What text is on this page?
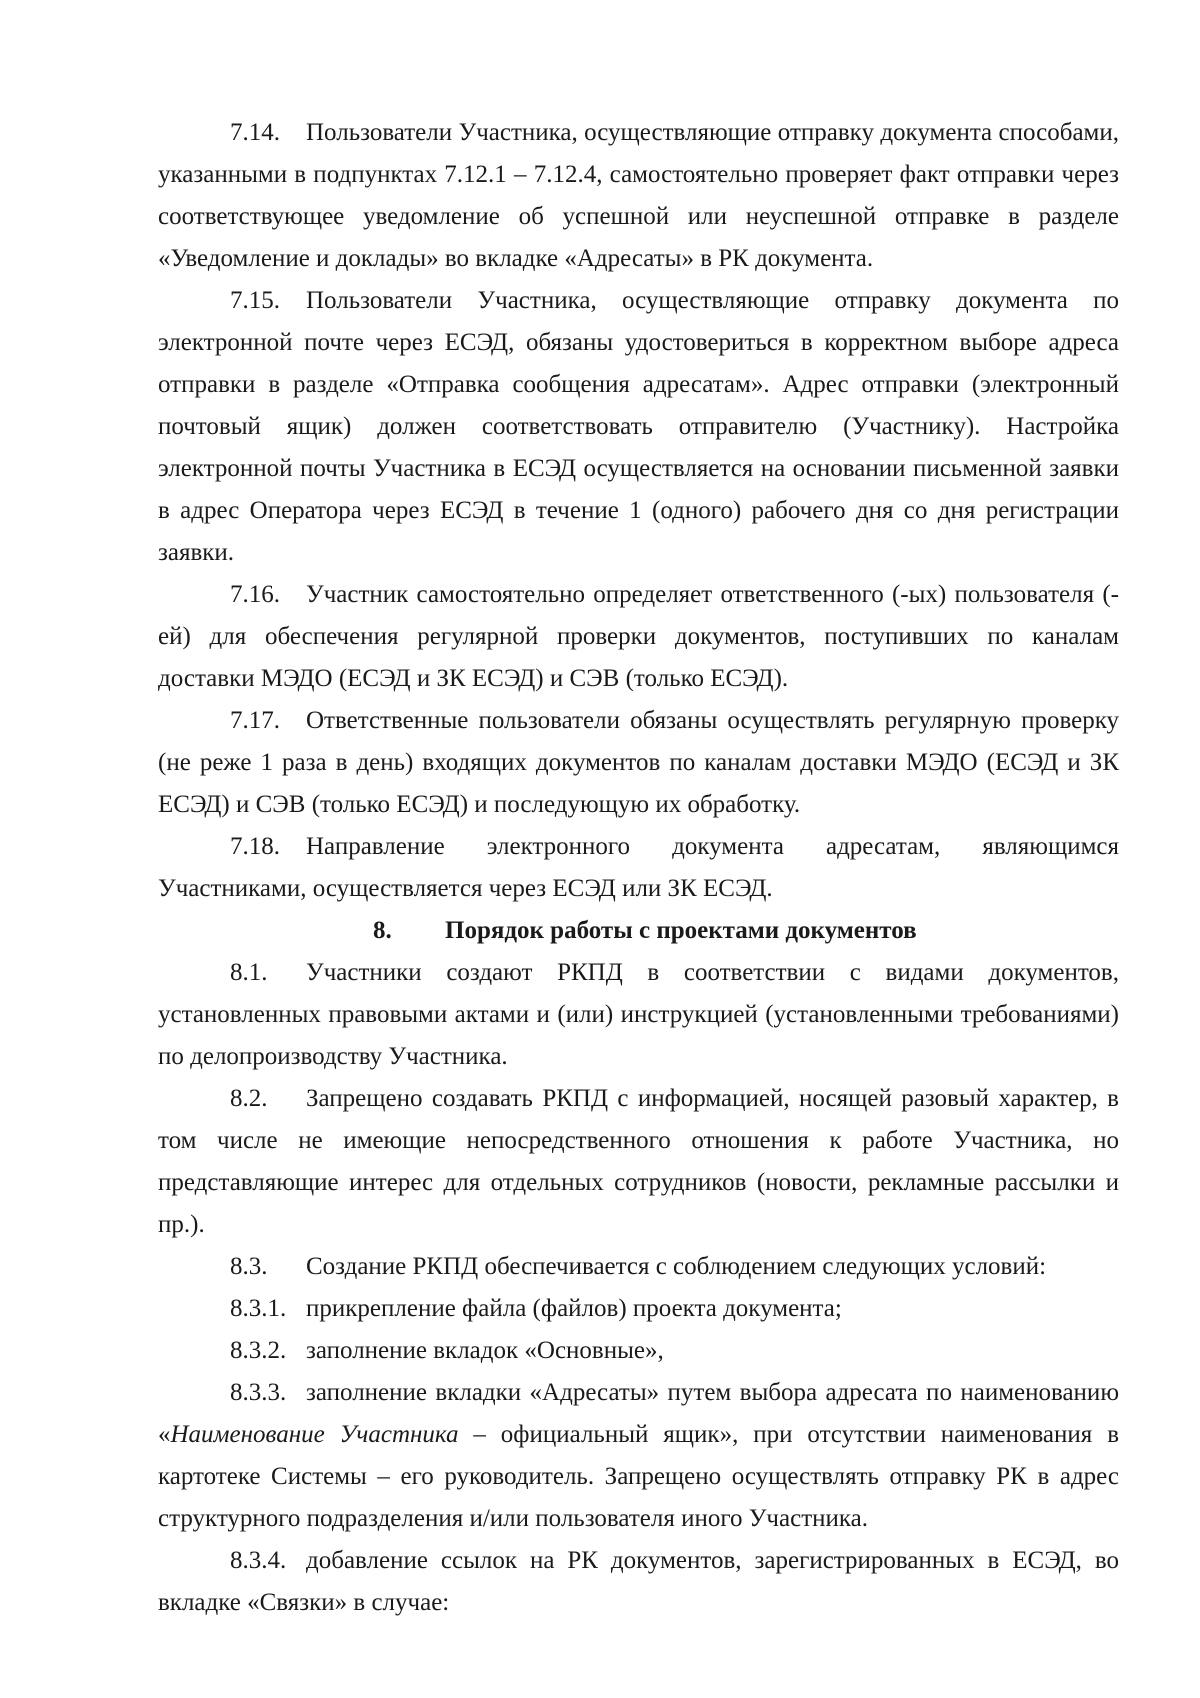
7.14. Пользователи Участника, осуществляющие отправку документа способами, указанными в подпунктах 7.12.1 – 7.12.4, самостоятельно проверяет факт отправки через соответствующее уведомление об успешной или неуспешной отправке в разделе «Уведомление и доклады» во вкладке «Адресаты» в РК документа.

7.15. Пользователи Участника, осуществляющие отправку документа по электронной почте через ЕСЭД, обязаны удостовериться в корректном выборе адреса отправки в разделе «Отправка сообщения адресатам». Адрес отправки (электронный почтовый ящик) должен соответствовать отправителю (Участнику). Настройка электронной почты Участника в ЕСЭД осуществляется на основании письменной заявки в адрес Оператора через ЕСЭД в течение 1 (одного) рабочего дня со дня регистрации заявки.

7.16. Участник самостоятельно определяет ответственного (-ых) пользователя (-ей) для обеспечения регулярной проверки документов, поступивших по каналам доставки МЭДО (ЕСЭД и ЗК ЕСЭД) и СЭВ (только ЕСЭД).

7.17. Ответственные пользователи обязаны осуществлять регулярную проверку (не реже 1 раза в день) входящих документов по каналам доставки МЭДО (ЕСЭД и ЗК ЕСЭД) и СЭВ (только ЕСЭД) и последующую их обработку.

7.18. Направление электронного документа адресатам, являющимся Участниками, осуществляется через ЕСЭД или ЗК ЕСЭД.

8. Порядок работы с проектами документов

8.1. Участники создают РКПД в соответствии с видами документов, установленных правовыми актами и (или) инструкцией (установленными требованиями) по делопроизводству Участника.

8.2. Запрещено создавать РКПД с информацией, носящей разовый характер, в том числе не имеющие непосредственного отношения к работе Участника, но представляющие интерес для отдельных сотрудников (новости, рекламные рассылки и пр.).

8.3. Создание РКПД обеспечивается с соблюдением следующих условий:

8.3.1. прикрепление файла (файлов) проекта документа;

8.3.2. заполнение вкладок «Основные»,

8.3.3. заполнение вкладки «Адресаты» путем выбора адресата по наименованию «Наименование Участника – официальный ящик», при отсутствии наименования в картотеке Системы – его руководитель. Запрещено осуществлять отправку РК в адрес структурного подразделения и/или пользователя иного Участника.

8.3.4. добавление ссылок на РК документов, зарегистрированных в ЕСЭД, во вкладке «Связки» в случае:
